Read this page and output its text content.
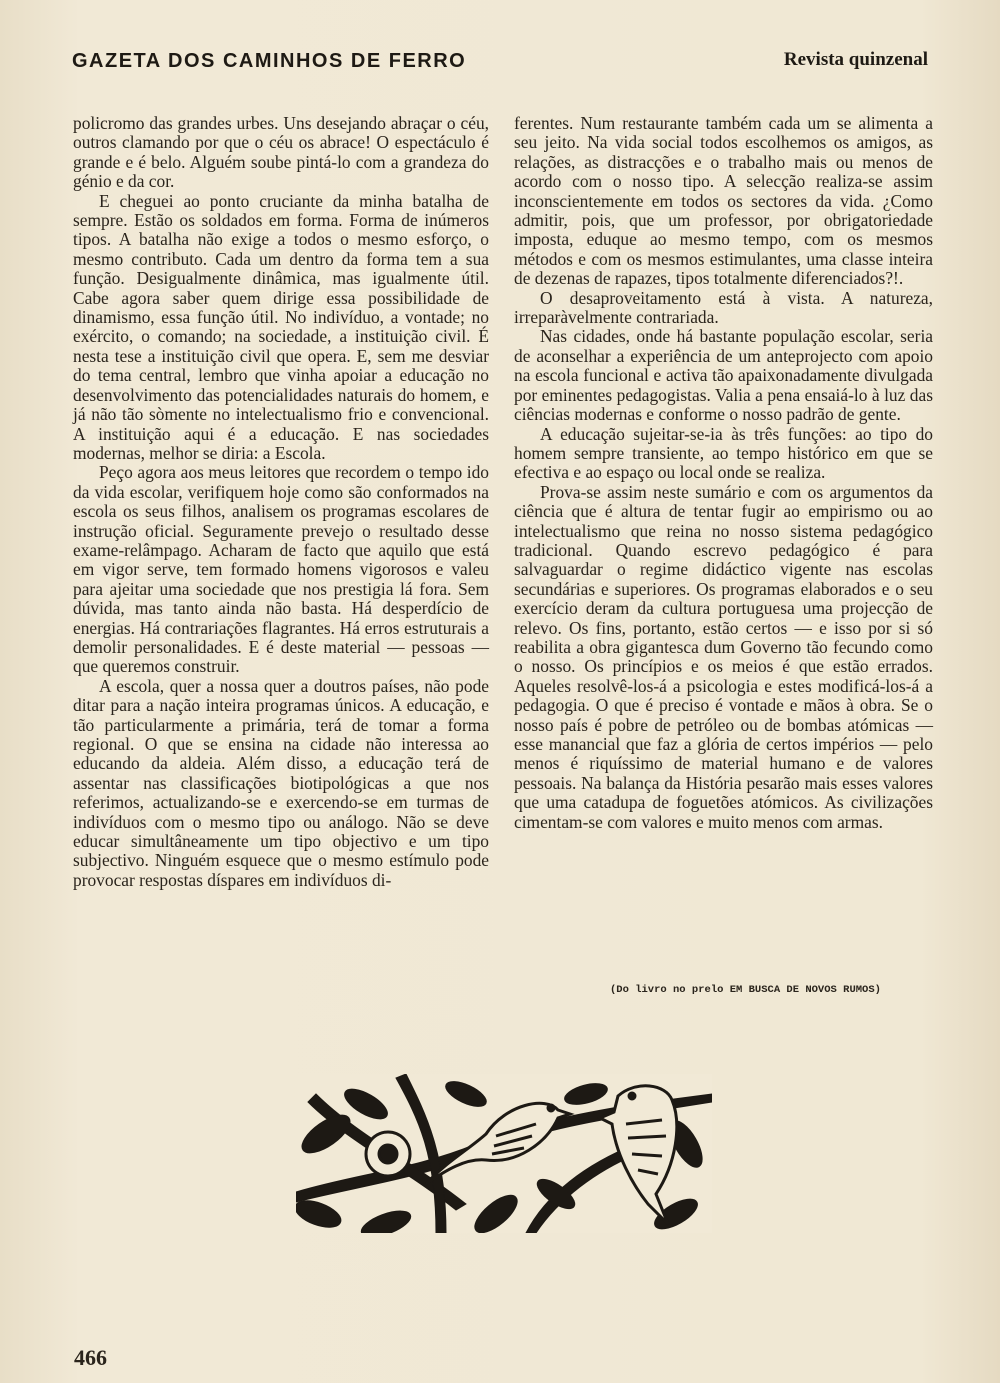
GAZETA DOS CAMINHOS DE FERRO	Revista quinzenal

policromo das grandes urbes. Uns desejando abraçar o céu, outros clamando por que o céu os abrace! O espectáculo é grande e é belo. Alguém soube pintá-lo com a grandeza do génio e da cor.

E cheguei ao ponto cruciante da minha batalha de sempre. Estão os soldados em forma. Forma de inúmeros tipos. A batalha não exige a todos o mesmo esforço, o mesmo contributo. Cada um dentro da forma tem a sua função. Desigualmente dinâmica, mas igualmente útil. Cabe agora saber quem dirige essa possibilidade de dinamismo, essa função útil. No indivíduo, a vontade; no exército, o comando; na sociedade, a instituição civil. É nesta tese a instituição civil que opera. E, sem me desviar do tema central, lembro que vinha apoiar a educação no desenvolvimento das potencialidades naturais do homem, e já não tão sòmente no intelectualismo frio e convencional. A instituição aqui é a educação. E nas sociedades modernas, melhor se diria: a Escola.

Peço agora aos meus leitores que recordem o tempo ido da vida escolar, verifiquem hoje como são conformados na escola os seus filhos, analisem os programas escolares de instrução oficial. Seguramente prevejo o resultado desse exame-relâmpago. Acharam de facto que aquilo que está em vigor serve, tem formado homens vigorosos e valeu para ajeitar uma sociedade que nos prestigia lá fora. Sem dúvida, mas tanto ainda não basta. Há desperdício de energias. Há contrariações flagrantes. Há erros estruturais a demolir personalidades. E é deste material — pessoas — que queremos construir.

A escola, quer a nossa quer a doutros países, não pode ditar para a nação inteira programas únicos. A educação, e tão particularmente a primária, terá de tomar a forma regional. O que se ensina na cidade não interessa ao educando da aldeia. Além disso, a educação terá de assentar nas classificações biotipológicas a que nos referimos, actualizando-se e exercendo-se em turmas de indivíduos com o mesmo tipo ou análogo. Não se deve educar simultâneamente um tipo objectivo e um tipo subjectivo. Ninguém esquece que o mesmo estímulo pode provocar respostas díspares em indivíduos di-

ferentes. Num restaurante também cada um se alimenta a seu jeito. Na vida social todos escolhemos os amigos, as relações, as distracções e o trabalho mais ou menos de acordo com o nosso tipo. A selecção realiza-se assim inconscientemente em todos os sectores da vida. ¿Como admitir, pois, que um professor, por obrigatoriedade imposta, eduque ao mesmo tempo, com os mesmos métodos e com os mesmos estimulantes, uma classe inteira de dezenas de rapazes, tipos totalmente diferenciados?!.

O desaproveitamento está à vista. A natureza, irreparàvelmente contrariada.

Nas cidades, onde há bastante população escolar, seria de aconselhar a experiência de um anteprojecto com apoio na escola funcional e activa tão apaixonadamente divulgada por eminentes pedagogistas. Valia a pena ensaiá-lo à luz das ciências modernas e conforme o nosso padrão de gente.

A educação sujeitar-se-ia às três funções: ao tipo do homem sempre transiente, ao tempo histórico em que se efectiva e ao espaço ou local onde se realiza.

Prova-se assim neste sumário e com os argumentos da ciência que é altura de tentar fugir ao empirismo ou ao intelectualismo que reina no nosso sistema pedagógico tradicional. Quando escrevo pedagógico é para salvaguardar o regime didáctico vigente nas escolas secundárias e superiores. Os programas elaborados e o seu exercício deram da cultura portuguesa uma projecção de relevo. Os fins, portanto, estão certos — e isso por si só reabilita a obra gigantesca dum Governo tão fecundo como o nosso. Os princípios e os meios é que estão errados. Aqueles resolvê-los-á a psicologia e estes modificá-los-á a pedagogia. O que é preciso é vontade e mãos à obra. Se o nosso país é pobre de petróleo ou de bombas atómicas — esse manancial que faz a glória de certos impérios — pelo menos é riquíssimo de material humano e de valores pessoais. Na balança da História pesarão mais esses valores que uma catadupa de foguetões atómicos. As civilizações cimentam-se com valores e muito menos com armas.

(Do livro no prelo EM BUSCA DE NOVOS RUMOS)
466
